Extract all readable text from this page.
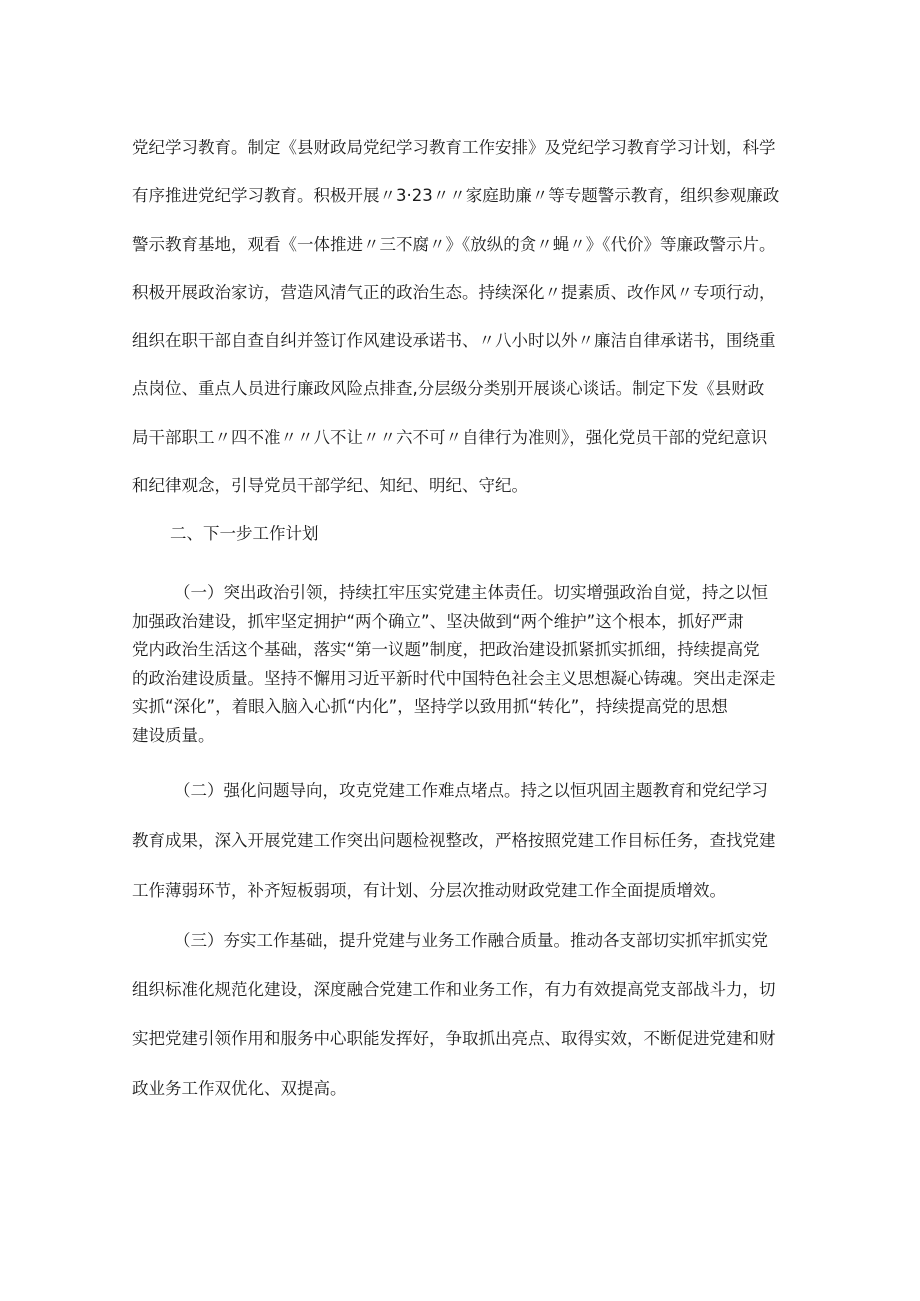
党纪学习教育。制定《县财政局党纪学习教育工作安排》及党纪学习教育学习计划，科学
有序推进党纪学习教育。积极开展〃3·23〃〃家庭助廉〃等专题警示教育，组织参观廉政
警示教育基地，观看《一体推进〃三不腐〃》《放纵的贪〃蝇〃》《代价》等廉政警示片。
积极开展政治家访，营造风清气正的政治生态。持续深化〃提素质、改作风〃专项行动，
组织在职干部自查自纠并签订作风建设承诺书、〃八小时以外〃廉洁自律承诺书，围绕重
点岗位、重点人员进行廉政风险点排查,分层级分类别开展谈心谈话。制定下发《县财政
局干部职工〃四不准〃〃八不让〃〃六不可〃自律行为准则》，强化党员干部的党纪意识
和纪律观念，引导党员干部学纪、知纪、明纪、守纪。
二、下一步工作计划
（一）突出政治引领，持续扛牢压实党建主体责任。切实增强政治自觉，持之以恒
加强政治建设，抓牢坚定拥护“两个确立”、坚决做到“两个维护”这个根本，抓好严肃
党内政治生活这个基础，落实“第一议题”制度，把政治建设抓紧抓实抓细，持续提高党
的政治建设质量。坚持不懈用习近平新时代中国特色社会主义思想凝心铸魂。突出走深走
实抓“深化”，着眼入脑入心抓“内化”，坚持学以致用抓“转化”，持续提高党的思想
建设质量。
（二）强化问题导向，攻克党建工作难点堵点。持之以恒巩固主题教育和党纪学习
教育成果，深入开展党建工作突出问题检视整改，严格按照党建工作目标任务，查找党建
工作薄弱环节，补齐短板弱项，有计划、分层次推动财政党建工作全面提质增效。
（三）夯实工作基础，提升党建与业务工作融合质量。推动各支部切实抓牢抓实党
组织标准化规范化建设，深度融合党建工作和业务工作，有力有效提高党支部战斗力，切
实把党建引领作用和服务中心职能发挥好，争取抓出亮点、取得实效，不断促进党建和财
政业务工作双优化、双提高。
